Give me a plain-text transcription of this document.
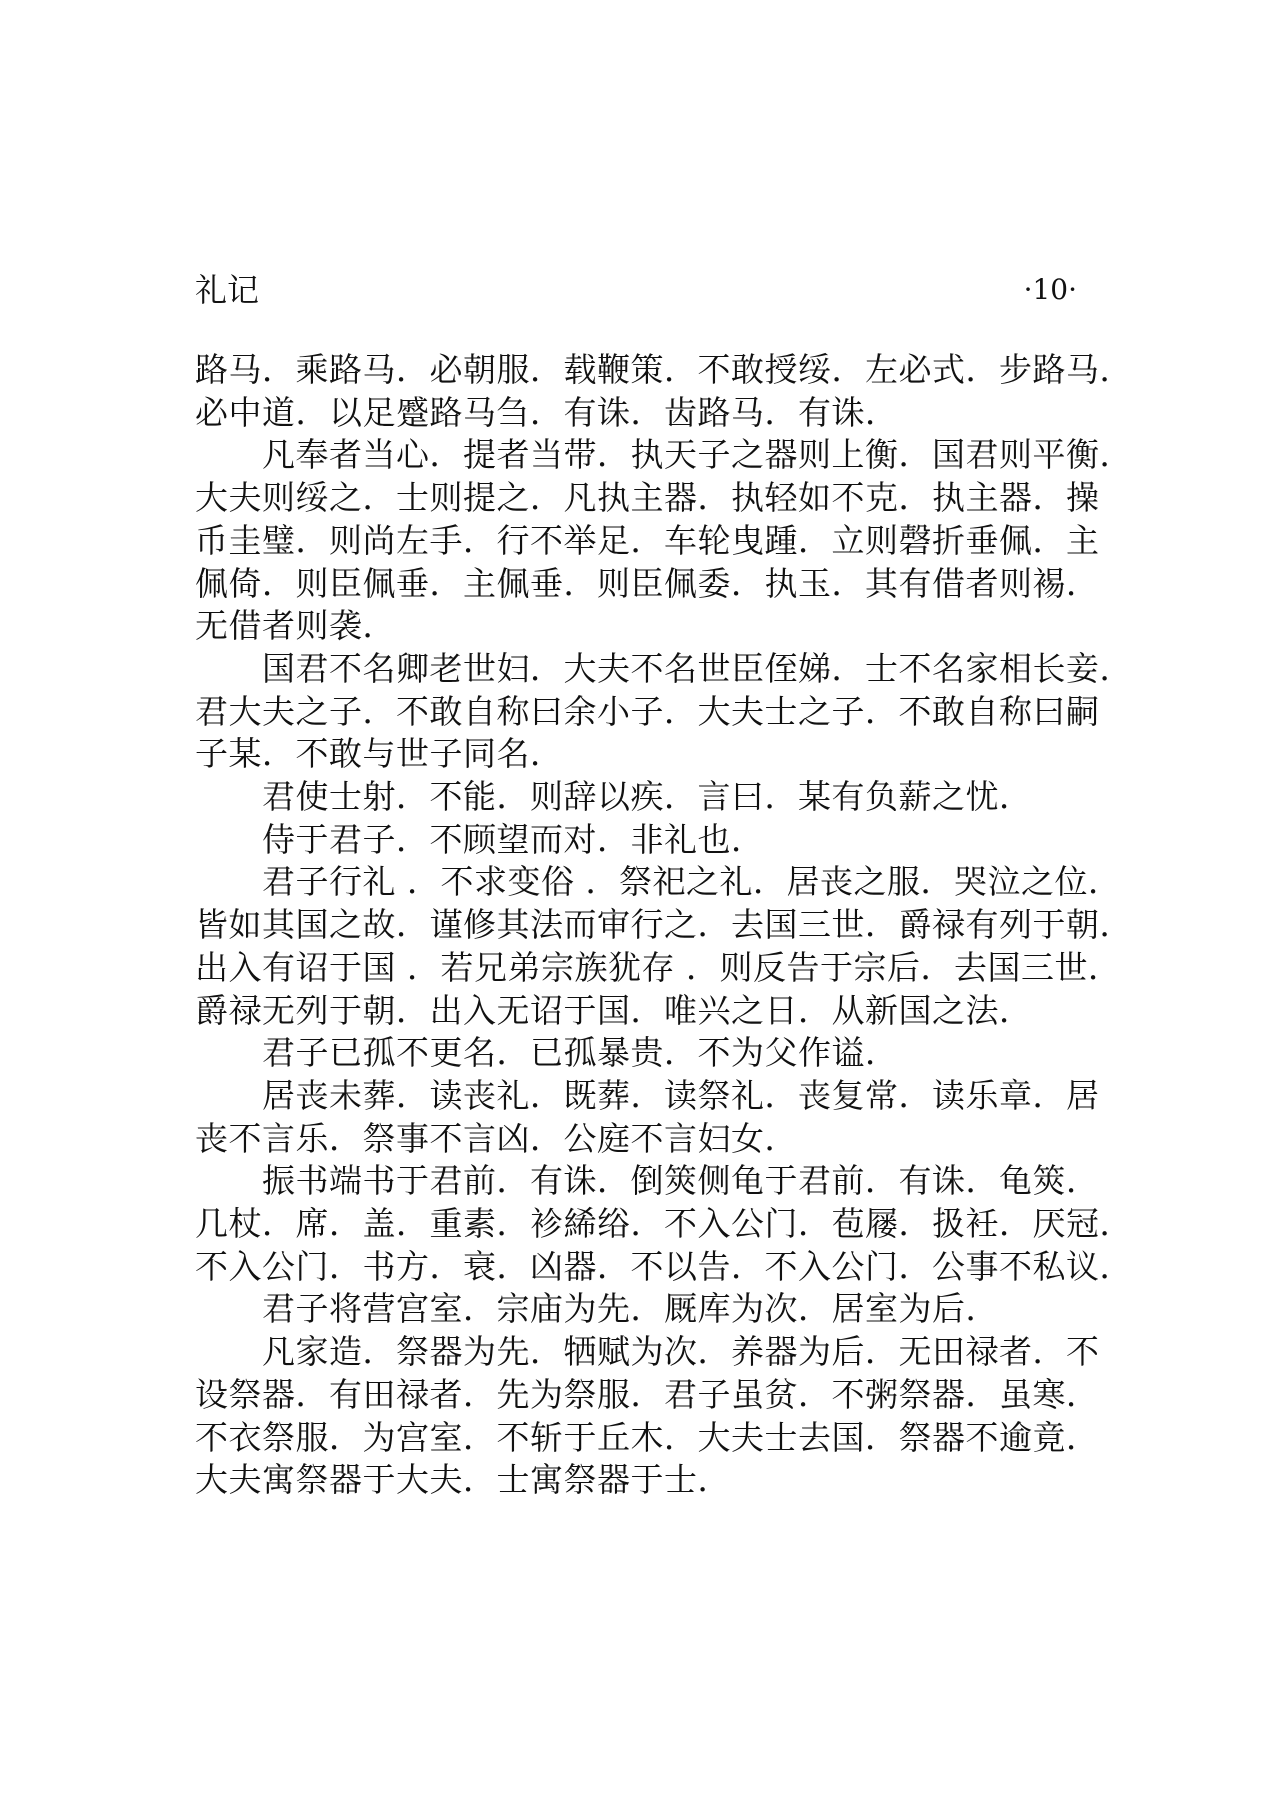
礼记	·10·
路马．乘路马．必朝服．载鞭策．不敢授绥．左必式．步路马．
必中道．以足蹙路马刍．有诛．齿路马．有诛．
凡奉者当心．提者当带．执天子之器则上衡．国君则平衡．
大夫则绥之．士则提之．凡执主器．执轻如不克．执主器．操
币圭璧．则尚左手．行不举足．车轮曳踵．立则磬折垂佩．主
佩倚．则臣佩垂．主佩垂．则臣佩委．执玉．其有借者则裼．
无借者则袭．
国君不名卿老世妇．大夫不名世臣侄娣．士不名家相长妾．
君大夫之子．不敢自称曰余小子．大夫士之子．不敢自称曰嗣
子某．不敢与世子同名．
君使士射．不能．则辞以疾．言曰．某有负薪之忧．
侍于君子．不顾望而对．非礼也．
君子行礼 ．不求变俗 ．祭祀之礼．居丧之服．哭泣之位．
皆如其国之故．谨修其法而审行之．去国三世．爵禄有列于朝．
出入有诏于国 ．若兄弟宗族犹存 ．则反告于宗后．去国三世．
爵禄无列于朝．出入无诏于国．唯兴之日．从新国之法．
君子已孤不更名．已孤暴贵．不为父作谥．
居丧未葬．读丧礼．既葬．读祭礼．丧复常．读乐章．居
丧不言乐．祭事不言凶．公庭不言妇女．
振书端书于君前．有诛．倒筴侧龟于君前．有诛．龟筴．
几杖．席．盖．重素．袗絺绤．不入公门．苞屦．扱衽．厌冠．
不入公门．书方．衰．凶器．不以告．不入公门．公事不私议．
君子将营宫室．宗庙为先．厩库为次．居室为后．
凡家造．祭器为先．牺赋为次．养器为后．无田禄者．不
设祭器．有田禄者．先为祭服．君子虽贫．不粥祭器．虽寒．
不衣祭服．为宫室．不斩于丘木．大夫士去国．祭器不逾竟．
大夫寓祭器于大夫．士寓祭器于士．
